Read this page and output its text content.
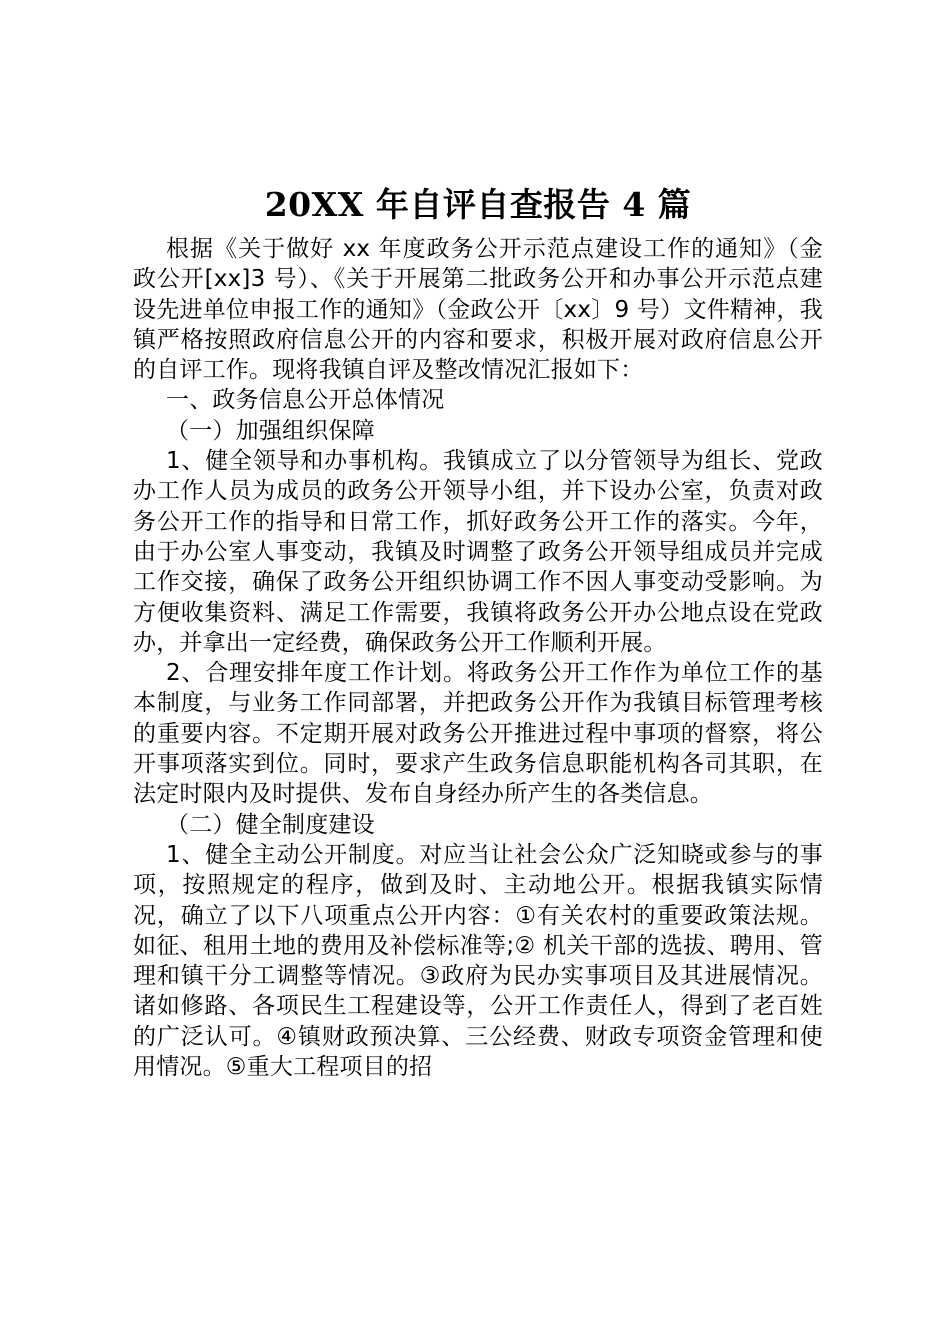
20XX 年自评自查报告 4 篇

根据《关于做好 xx 年度政务公开示范点建设工作的通知》（金政公开[xx]3 号）、《关于开展第二批政务公开和办事公开示范点建设先进单位申报工作的通知》（金政公开〔xx〕9 号）文件精神，我镇严格按照政府信息公开的内容和要求，积极开展对政府信息公开的自评工作。现将我镇自评及整改情况汇报如下：

一、政务信息公开总体情况

（一）加强组织保障

1、健全领导和办事机构。我镇成立了以分管领导为组长、党政办工作人员为成员的政务公开领导小组，并下设办公室，负责对政务公开工作的指导和日常工作，抓好政务公开工作的落实。今年，由于办公室人事变动，我镇及时调整了政务公开领导组成员并完成工作交接，确保了政务公开组织协调工作不因人事变动受影响。为方便收集资料、满足工作需要，我镇将政务公开办公地点设在党政办，并拿出一定经费，确保政务公开工作顺利开展。

2、合理安排年度工作计划。将政务公开工作作为单位工作的基本制度，与业务工作同部署，并把政务公开作为我镇目标管理考核的重要内容。不定期开展对政务公开推进过程中事项的督察，将公开事项落实到位。同时，要求产生政务信息职能机构各司其职，在法定时限内及时提供、发布自身经办所产生的各类信息。

（二）健全制度建设

1、健全主动公开制度。对应当让社会公众广泛知晓或参与的事项，按照规定的程序，做到及时、主动地公开。根据我镇实际情况，确立了以下八项重点公开内容：①有关农村的重要政策法规。如征、租用土地的费用及补偿标准等;② 机关干部的选拔、聘用、管理和镇干分工调整等情况。③政府为民办实事项目及其进展情况。诸如修路、各项民生工程建设等，公开工作责任人，得到了老百姓的广泛认可。④镇财政预决算、三公经费、财政专项资金管理和使用情况。⑤重大工程项目的招
